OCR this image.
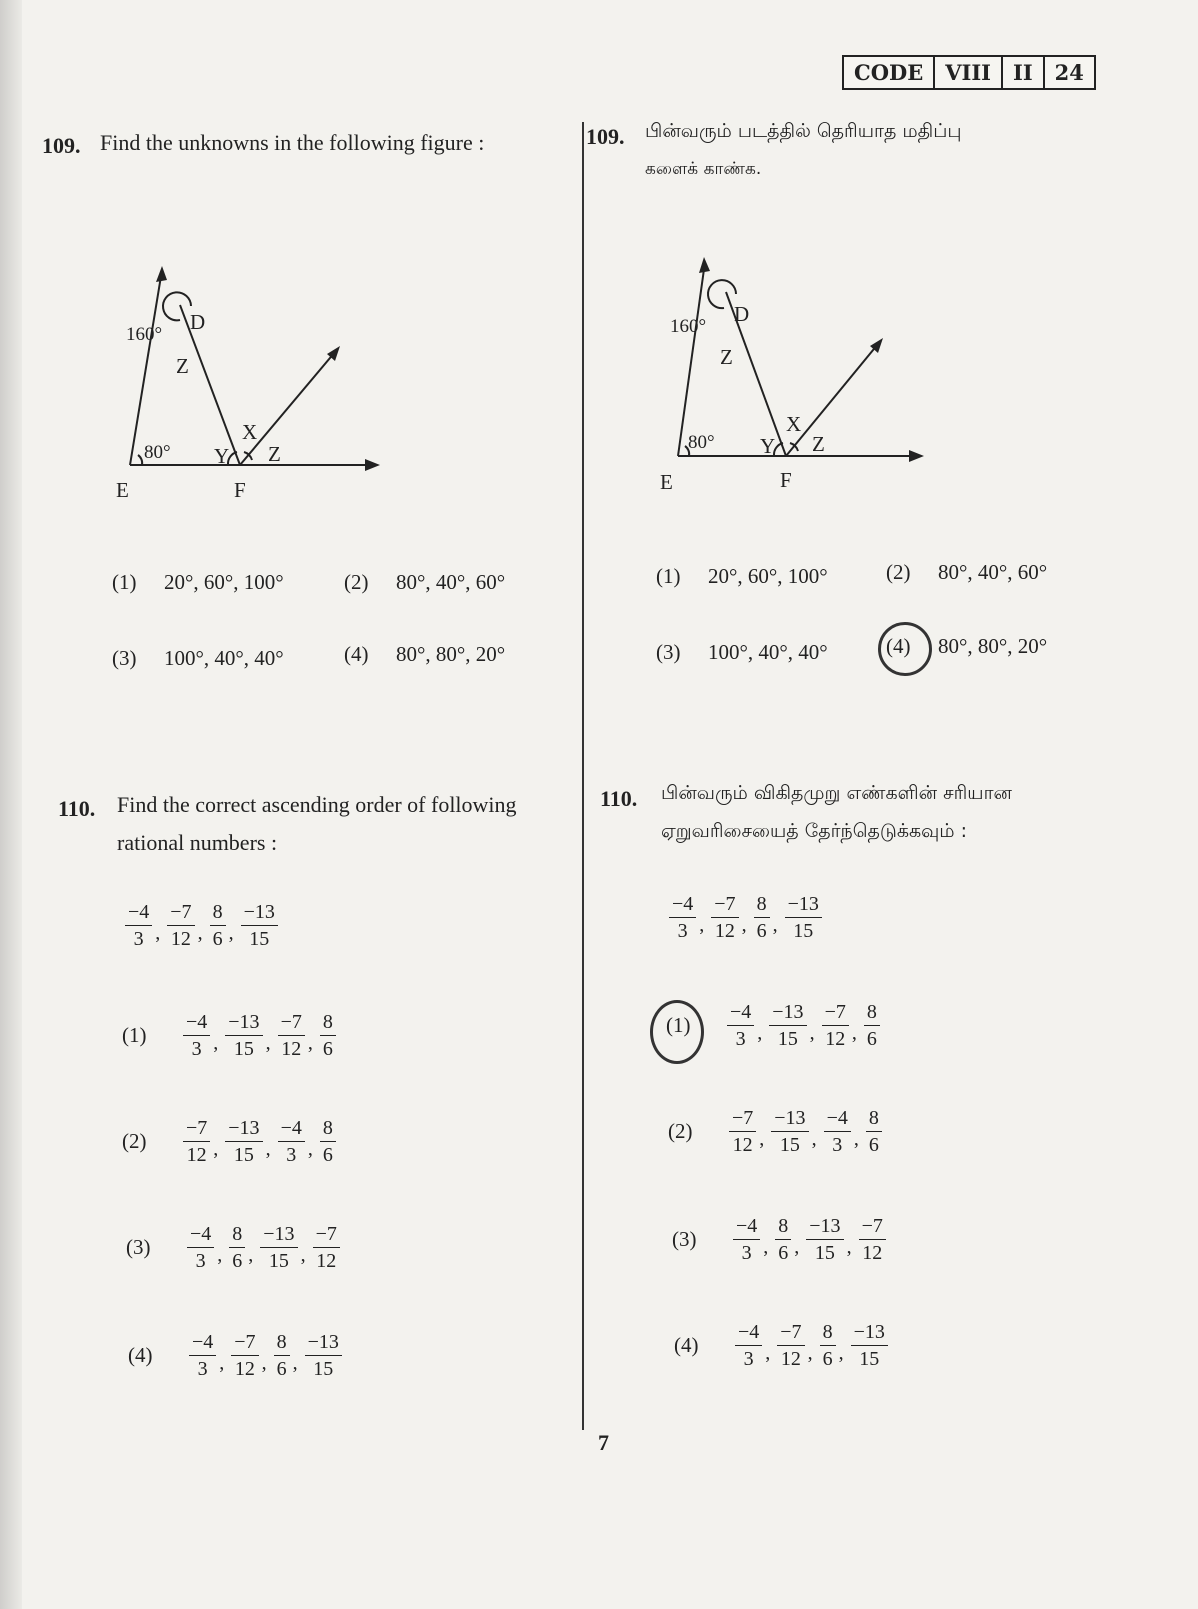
CODE	VIII	II	24
109. Find the unknowns in the following figure :
160°
D
Z
80° Y
X
Z
E	F
(1) 20°, 60°, 100°	(2) 80°, 40°, 60°
(3) 100°, 40°, 40°	(4) 80°, 80°, 20°
110. Find the correct ascending order of following
rational numbers :
$\frac{-4}{3}$ , $\frac{-7}{12}$ , $\frac{8}{6}$ , $\frac{-13}{15}$
(1)	$\frac{-4}{3}$ , $\frac{-13}{15}$ , $\frac{-7}{12}$ , $\frac{8}{6}$
(2)	$\frac{-7}{12}$ , $\frac{-13}{15}$ , $\frac{-4}{3}$ , $\frac{8}{6}$
(3)	$\frac{-4}{3}$ , $\frac{8}{6}$ , $\frac{-13}{15}$ , $\frac{-7}{12}$
(4)	$\frac{-4}{3}$ , $\frac{-7}{12}$ , $\frac{8}{6}$ , $\frac{-13}{15}$
109. பின்வரும் படத்தில் தெரியாத மதிப்பு
களைக் காண்க.
160°
D
Z
80° Y
X
Z
E	F
(1) 20°, 60°, 100°	(2) 80°, 40°, 60°
(3) 100°, 40°, 40°	(4) 80°, 80°, 20°
110. பின்வரும் விகிதமுறு எண்களின் சரியான
ஏறுவரிசையைத் தேர்ந்தெடுக்கவும் :
$\frac{-4}{3}$ , $\frac{-7}{12}$ , $\frac{8}{6}$ , $\frac{-13}{15}$
(1)	$\frac{-4}{3}$ , $\frac{-13}{15}$ , $\frac{-7}{12}$ , $\frac{8}{6}$
(2)	$\frac{-7}{12}$ , $\frac{-13}{15}$ , $\frac{-4}{3}$ , $\frac{8}{6}$
(3)	$\frac{-4}{3}$ , $\frac{8}{6}$ , $\frac{-13}{15}$ , $\frac{-7}{12}$
(4)	$\frac{-4}{3}$ , $\frac{-7}{12}$ , $\frac{8}{6}$ , $\frac{-13}{15}$
7
